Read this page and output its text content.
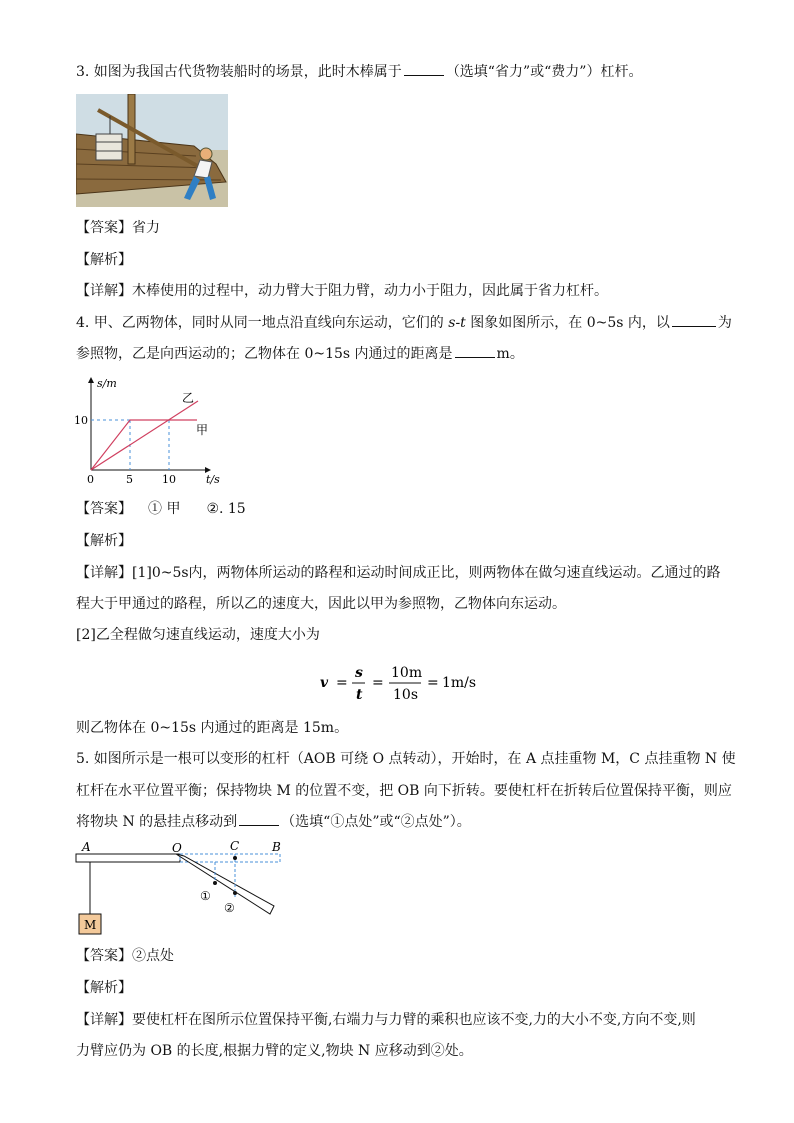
3. 如图为我国古代货物装船时的场景，此时木棒属于	（选填“省力”或“费力”）杠杆。
【答案】省力
【解析】
【详解】木棒使用的过程中，动力臂大于阻力臂，动力小于阻力，因此属于省力杠杆。
4. 甲、乙两物体，同时从同一地点沿直线向东运动，它们的 s-t 图象如图所示，在 0~5s 内，以	为
参照物，乙是向西运动的；乙物体在 0~15s 内通过的距离是	m。
s/m
t/s
10
0	5	10
乙
甲
【答案】 ① 甲 ②. 15
【解析】
【详解】[1]0~5s内，两物体所运动的路程和运动时间成正比，则两物体在做匀速直线运动。乙通过的路
程大于甲通过的路程，所以乙的速度大，因此以甲为参照物，乙物体向东运动。
[2]乙全程做匀速直线运动，速度大小为
v =
s
t
=
10m
10s
= 1m/s
则乙物体在 0~15s 内通过的距离是 15m。
5. 如图所示是一根可以变形的杠杆（AOB 可绕 O 点转动），开始时，在 A 点挂重物 M，C 点挂重物 N 使
杠杆在水平位置平衡；保持物块 M 的位置不变，把 OB 向下折转。要使杠杆在折转后位置保持平衡，则应
将物块 N 的悬挂点移动到	（选填“①点处”或“②点处”）。
A	O	C	B
①
②
M
【答案】②点处
【解析】
【详解】要使杠杆在图所示位置保持平衡,右端力与力臂的乘积也应该不变,力的大小不变,方向不变,则
力臂应仍为 OB 的长度,根据力臂的定义,物块 N 应移动到②处。
